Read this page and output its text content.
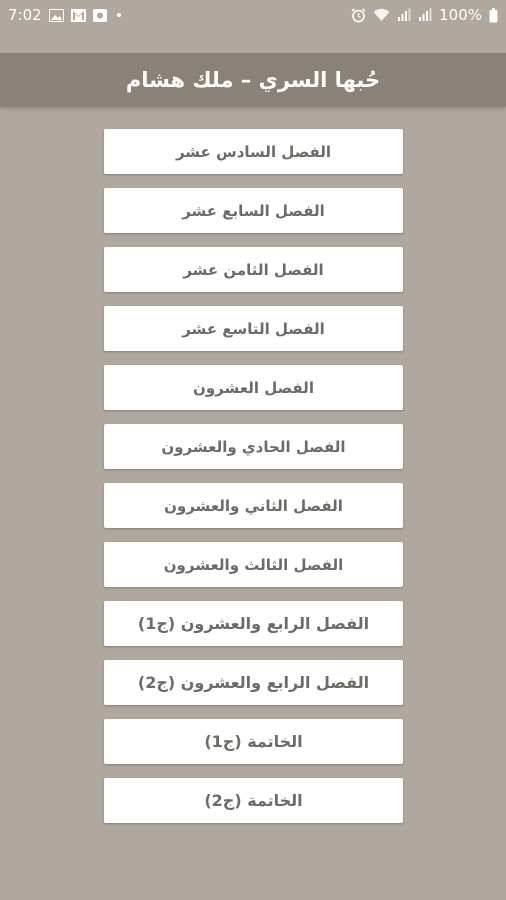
7:02	100%
حُبها السري – ملك هشام
الفصل السادس عشر
الفصل السابع عشر
الفصل الثامن عشر
الفصل التاسع عشر
الفصل العشرون
الفصل الحادي والعشرون
الفصل الثاني والعشرون
الفصل الثالث والعشرون
الفصل الرابع والعشرون (ج1)
الفصل الرابع والعشرون (ج2)
الخاتمة (ج1)
الخاتمة (ج2)
